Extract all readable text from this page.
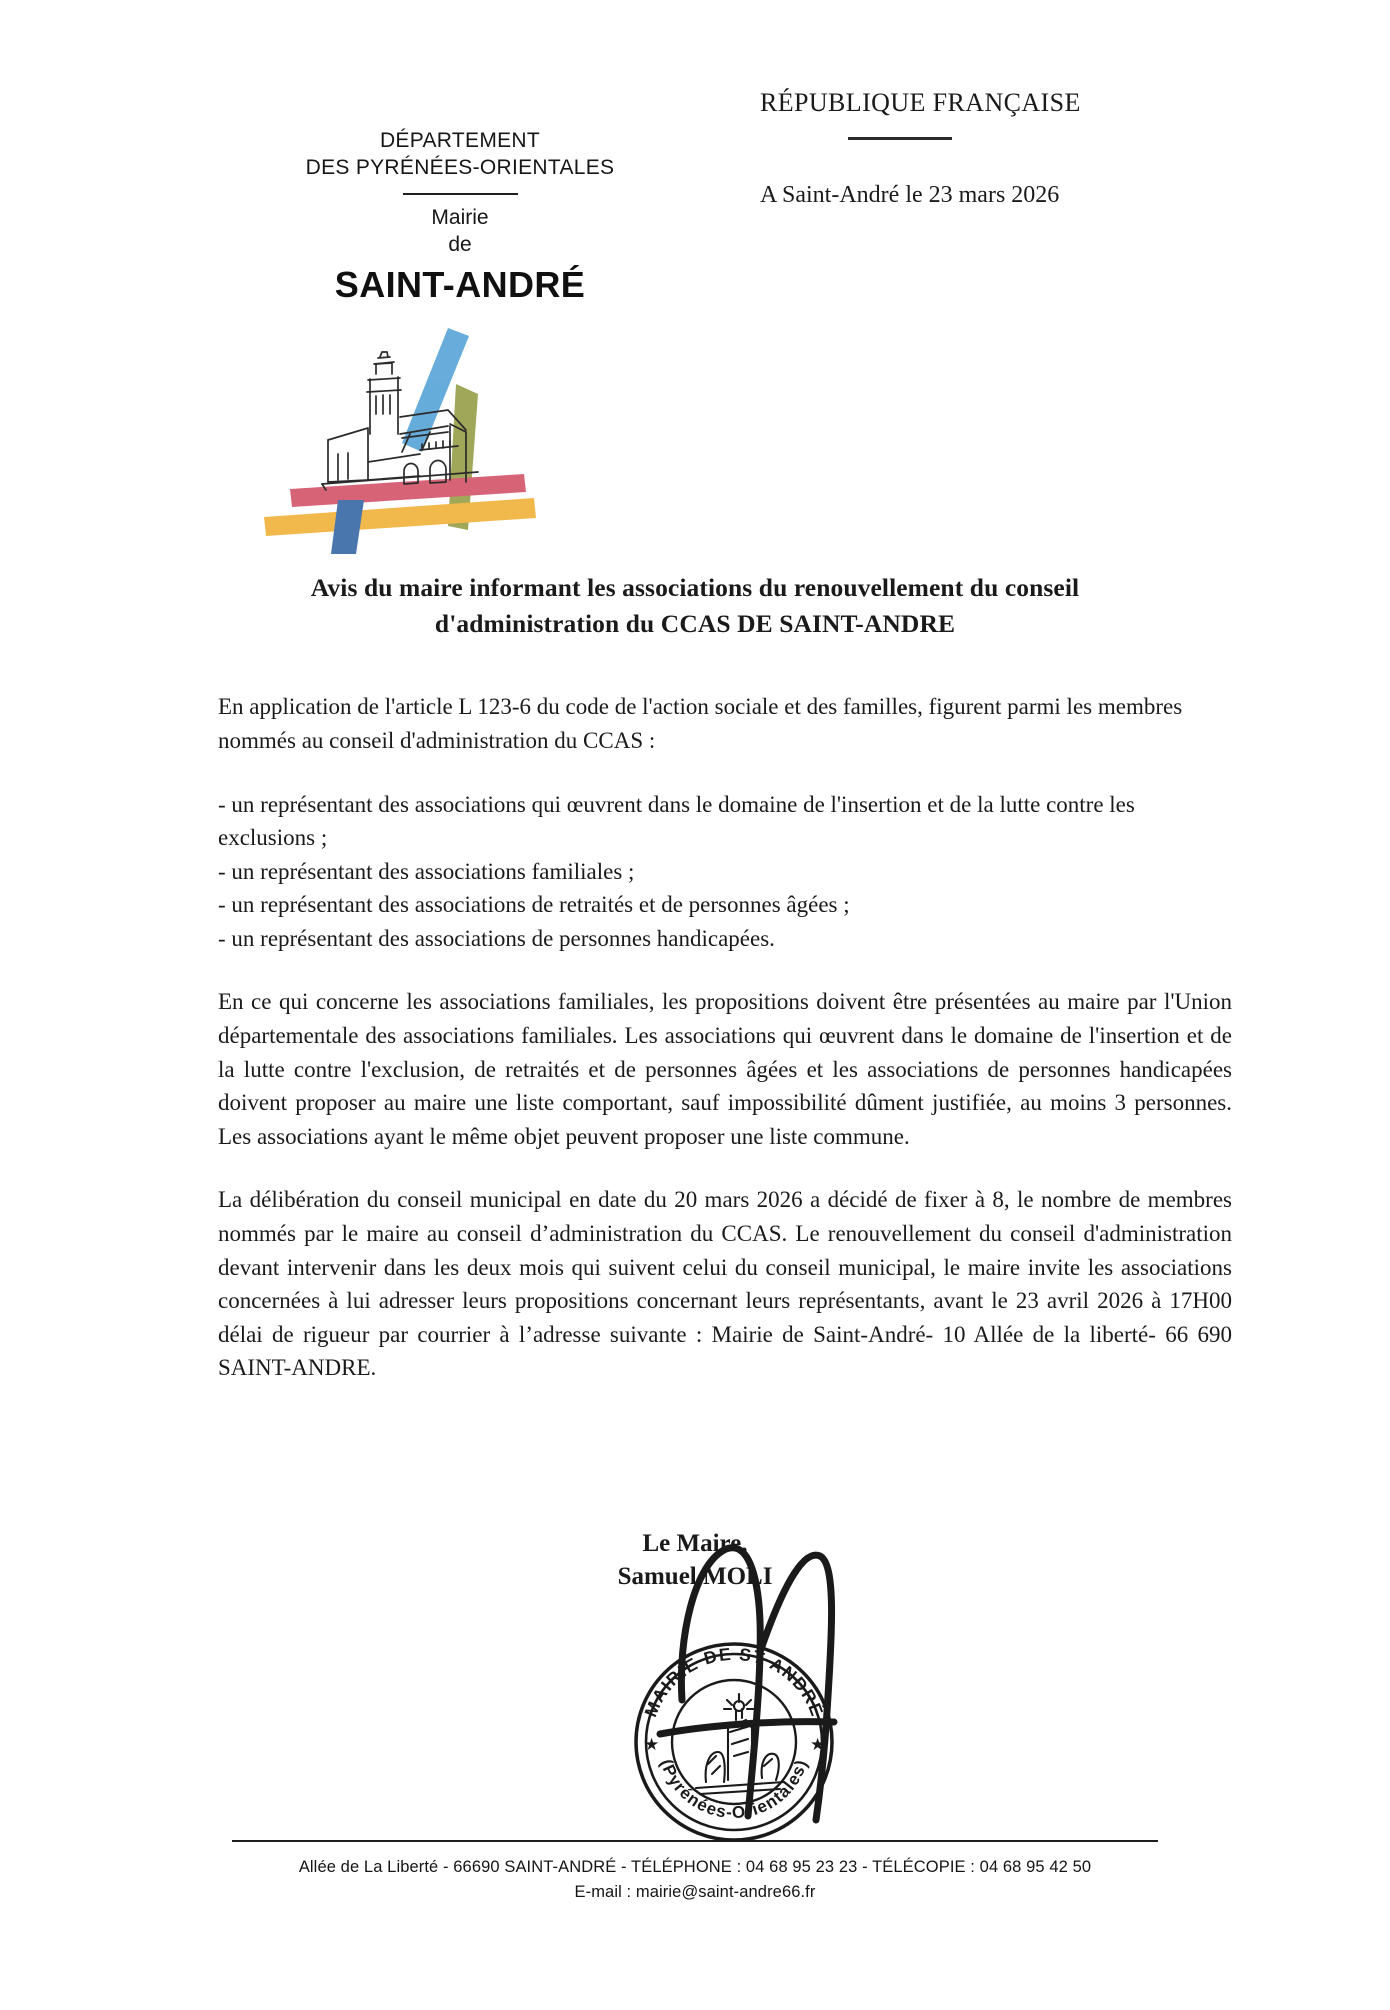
DÉPARTEMENT
DES PYRÉNÉES-ORIENTALES
Mairie
de
SAINT-ANDRÉ
RÉPUBLIQUE FRANÇAISE
A Saint-André le 23 mars 2026
Avis du maire informant les associations du renouvellement du conseil
d'administration du CCAS DE SAINT-ANDRE

En application de l'article L 123-6 du code de l'action sociale et des familles, figurent parmi les membres nommés au conseil d'administration du CCAS :

- un représentant des associations qui œuvrent dans le domaine de l'insertion et de la lutte contre les exclusions ;

- un représentant des associations familiales ;

- un représentant des associations de retraités et de personnes âgées ;

- un représentant des associations de personnes handicapées.

En ce qui concerne les associations familiales, les propositions doivent être présentées au maire par l'Union départementale des associations familiales. Les associations qui œuvrent dans le domaine de l'insertion et de la lutte contre l'exclusion, de retraités et de personnes âgées et les associations de personnes handicapées doivent proposer au maire une liste comportant, sauf impossibilité dûment justifiée, au moins 3 personnes. Les associations ayant le même objet peuvent proposer une liste commune.

La délibération du conseil municipal en date du 20 mars 2026 a décidé de fixer à 8, le nombre de membres nommés par le maire au conseil d’administration du CCAS. Le renouvellement du conseil d'administration devant intervenir dans les deux mois qui suivent celui du conseil municipal, le maire invite les associations concernées à lui adresser leurs propositions concernant leurs représentants, avant le 23 avril 2026 à 17H00 délai de rigueur par courrier à l’adresse suivante : Mairie de Saint-André- 10 Allée de la liberté- 66 690 SAINT-ANDRE.

Le Maire,
Samuel MOLI
MAIRIE DE ST ANDRÉ
(Pyrénées-Orientales)
★	★
Allée de La Liberté - 66690 SAINT-ANDRÉ - TÉLÉPHONE : 04 68 95 23 23 - TÉLÉCOPIE : 04 68 95 42 50
E-mail : mairie@saint-andre66.fr
